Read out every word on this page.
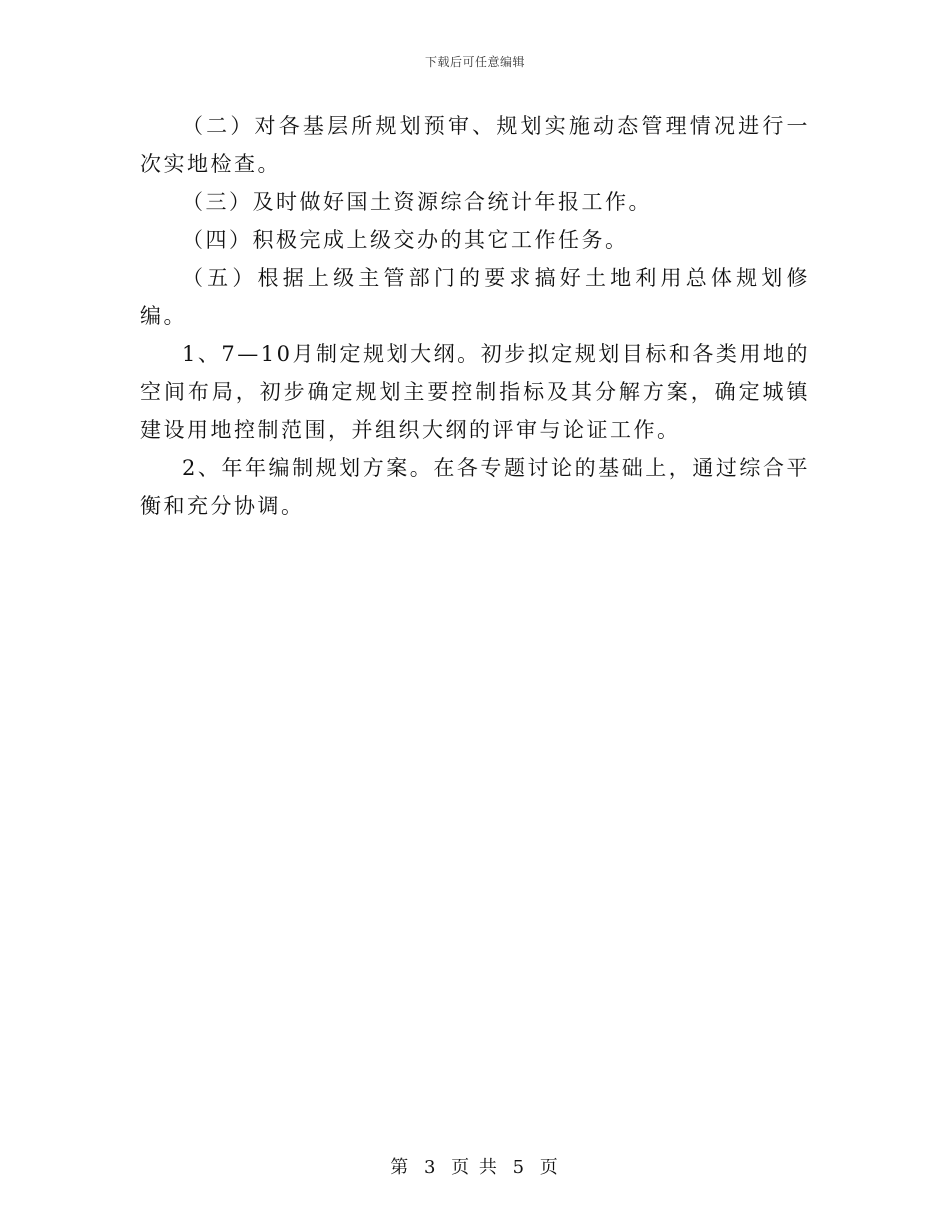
下载后可任意编辑

（二）对各基层所规划预审、规划实施动态管理情况进行一次实地检查。

（三）及时做好国土资源综合统计年报工作。

（四）积极完成上级交办的其它工作任务。

（五）根据上级主管部门的要求搞好土地利用总体规划修编。

1、7—10月制定规划大纲。初步拟定规划目标和各类用地的空间布局，初步确定规划主要控制指标及其分解方案，确定城镇建设用地控制范围，并组织大纲的评审与论证工作。

2、年年编制规划方案。在各专题讨论的基础上，通过综合平衡和充分协调。

第 3 页 共 5 页
